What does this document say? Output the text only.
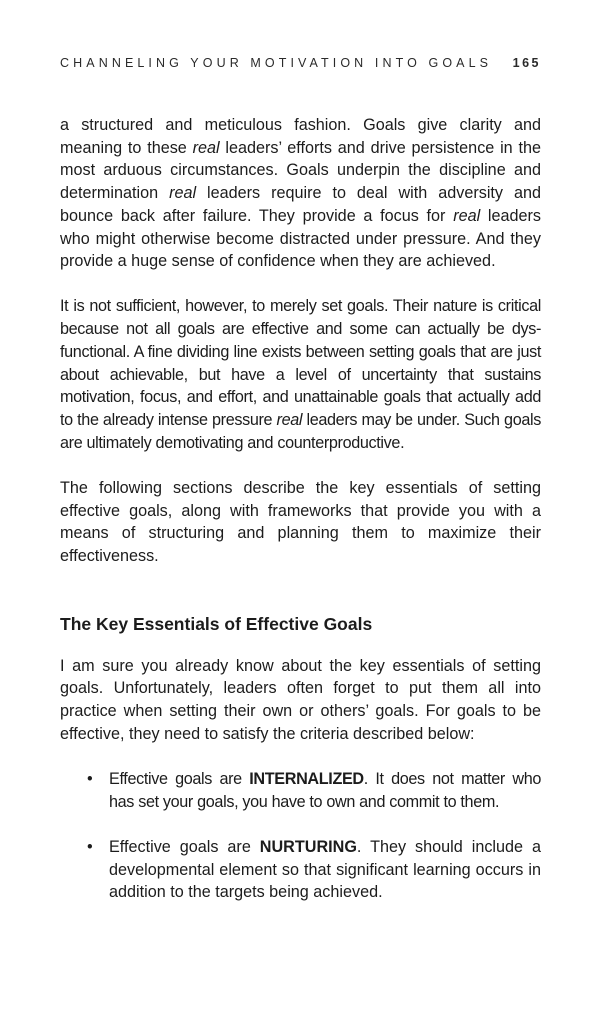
CHANNELING YOUR MOTIVATION INTO GOALS 165

a structured and meticulous fashion. Goals give clarity and meaning to these real leaders’ efforts and drive persistence in the most arduous circumstances. Goals underpin the discipline and determination real leaders require to deal with adversity and bounce back after failure. They provide a focus for real leaders who might otherwise become distracted under pressure. And they provide a huge sense of confidence when they are achieved.

It is not sufficient, however, to merely set goals. Their nature is critical because not all goals are effective and some can actually be dys-functional. A fine dividing line exists between setting goals that are just about achievable, but have a level of uncertainty that sustains motivation, focus, and effort, and unattainable goals that actually add to the already intense pressure real leaders may be under. Such goals are ultimately demotivating and counterproductive.

The following sections describe the key essentials of setting effective goals, along with frameworks that provide you with a means of structuring and planning them to maximize their effectiveness.

The Key Essentials of Effective Goals

I am sure you already know about the key essentials of setting goals. Unfortunately, leaders often forget to put them all into practice when setting their own or others’ goals. For goals to be effective, they need to satisfy the criteria described below:

• Effective goals are INTERNALIZED. It does not matter who has set your goals, you have to own and commit to them.
• Effective goals are NURTURING. They should include a developmental element so that significant learning occurs in addition to the targets being achieved.
